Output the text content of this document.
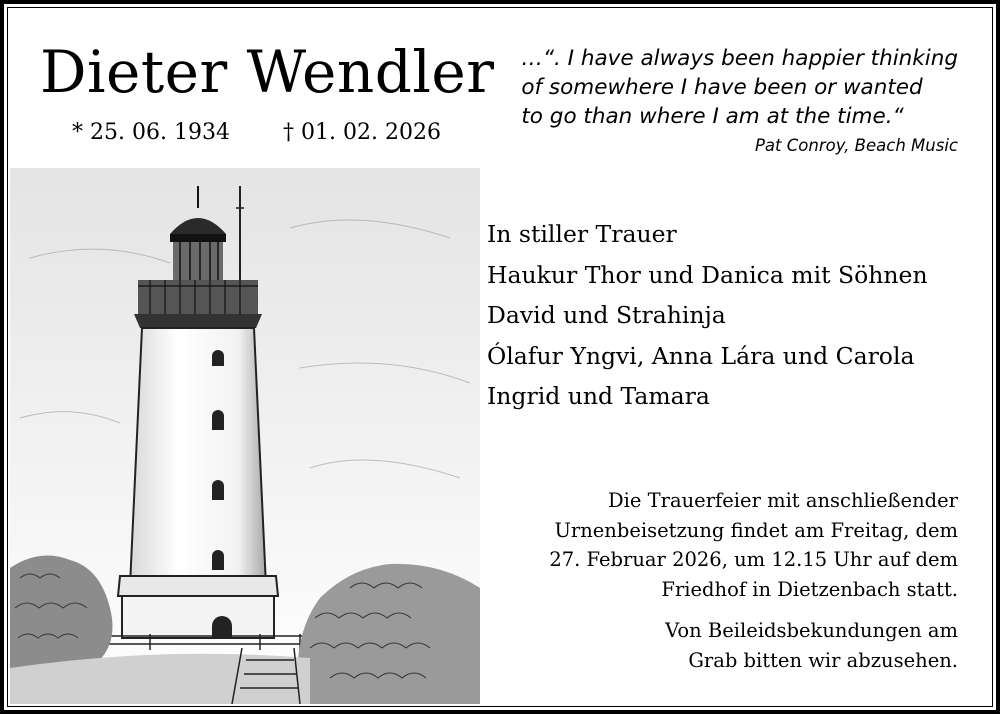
Dieter Wendler
* 25. 06. 1934 † 01. 02. 2026
…“. I have always been happier thinking
of somewhere I have been or wanted
to go than where I am at the time.“
Pat Conroy, Beach Music
In stiller Trauer
Haukur Thor und Danica mit Söhnen
David und Strahinja
Ólafur Yngvi, Anna Lára und Carola
Ingrid und Tamara
Die Trauerfeier mit anschließender
Urnenbeisetzung findet am Freitag, dem
27. Februar 2026, um 12.15 Uhr auf dem
Friedhof in Dietzenbach statt.
Von Beileidsbekundungen am
Grab bitten wir abzusehen.
